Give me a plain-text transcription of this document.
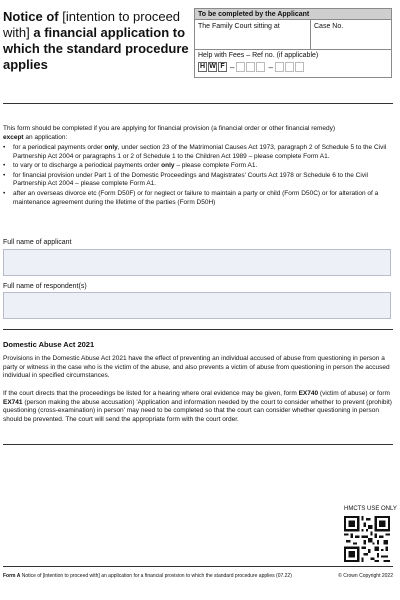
Notice of [intention to proceed with] a financial application to which the standard procedure applies
To be completed by the Applicant
The Family Court sitting at	Case No.
Help with Fees – Ref no. (if applicable)
H W F –	–

This form should be completed if you are applying for financial provision (a financial order or other financial remedy)
except an application:

•	for a periodical payments order only, under section 23 of the Matrimonial Causes Act 1973, paragraph 2 of Schedule 5 to the Civil Partnership Act 2004 or paragraphs 1 or 2 of Schedule 1 to the Children Act 1989 – please complete Form A1.
•	to vary or to discharge a periodical payments order only – please complete Form A1.
•	for financial provision under Part 1 of the Domestic Proceedings and Magistrates' Courts Act 1978 or Schedule 6 to the Civil Partnership Act 2004 – please complete Form A1.
•	after an overseas divorce etc (Form D50F) or for neglect or failure to maintain a party or child (Form D50C) or for alteration of a maintenance agreement during the lifetime of the parties (Form D50H)
Full name of applicant
Full name of respondent(s)
Domestic Abuse Act 2021

Provisions in the Domestic Abuse Act 2021 have the effect of preventing an individual accused of abuse from questioning in person a party or witness in the case who is the victim of the abuse, and also prevents a victim of abuse from questioning in person the accused individual in specified circumstances.

If the court directs that the proceedings be listed for a hearing where oral evidence may be given, form EX740 (victim of abuse) or form EX741 (person making the abuse accusation) 'Application and information needed by the court to consider whether to prevent (prohibit) questioning (cross-examination) in person' may need to be completed so that the court can consider whether questioning in person should be prevented. The court will send the appropriate form with the court order.

HMCTS USE ONLY
Form A Notice of [intention to proceed with] an application for a financial provision to which the standard procedure applies (07.22)	© Crown Copyright 2022
